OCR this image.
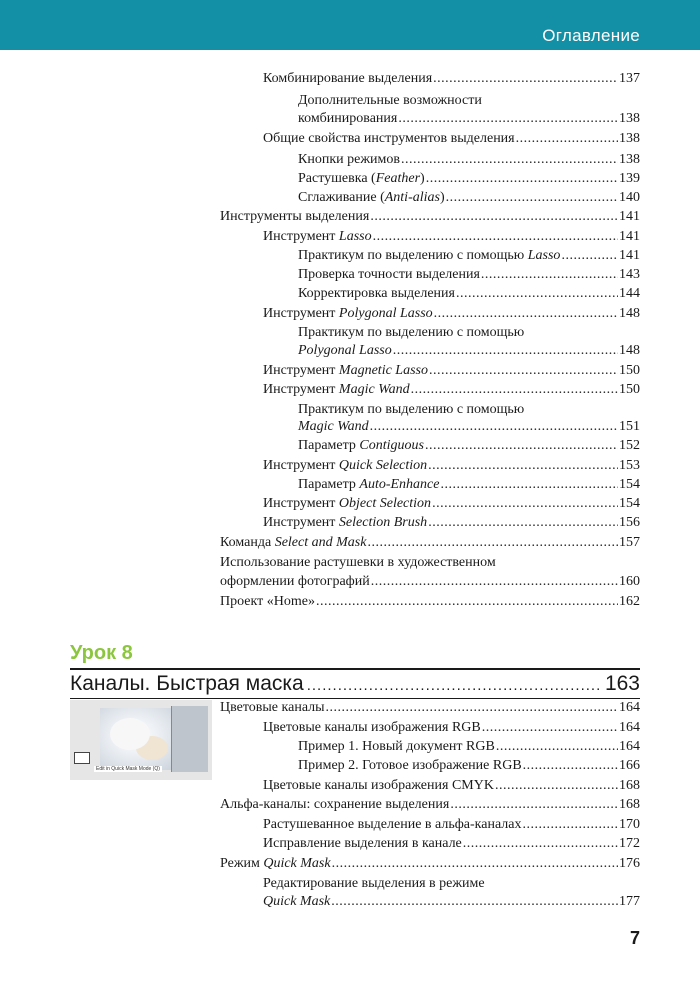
Оглавление
Комбинирование выделения .....	137
Дополнительные возможности
комбинирования .....	138
Общие свойства инструментов выделения .....	138
Кнопки режимов .....	138
Растушевка (Feather) .....	139
Сглаживание (Anti-alias) .....	140
Инструменты выделения .....	141
Инструмент Lasso .....	141
Практикум по выделению с помощью Lasso .....	141
Проверка точности выделения .....	143
Корректировка выделения .....	144
Инструмент Polygonal Lasso .....	148
Практикум по выделению с помощью
Polygonal Lasso .....	148
Инструмент Magnetic Lasso .....	150
Инструмент Magic Wand .....	150
Практикум по выделению с помощью
Magic Wand .....	151
Параметр Contiguous .....	152
Инструмент Quick Selection .....	153
Параметр Auto-Enhance .....	154
Инструмент Object Selection .....	154
Инструмент Selection Brush .....	156
Команда Select and Mask .....	157
Использование растушевки в художественном
оформлении фотографий .....	160
Проект «Home» .....	162
Цветовые каналы .....	164
Цветовые каналы изображения RGB .....	164
Пример 1. Новый документ RGB .....	164
Пример 2. Готовое изображение RGB .....	166
Цветовые каналы изображения CMYK .....	168
Альфа-каналы: сохранение выделения .....	168
Растушеванное выделение в альфа-каналах .....	170
Исправление выделения в канале .....	172
Режим Quick Mask .....	176
Редактирование выделения в режиме
Quick Mask .....	177
Урок 8
Каналы. Быстрая маска .....	163
Edit in Quick Mask Mode (Q)
7
